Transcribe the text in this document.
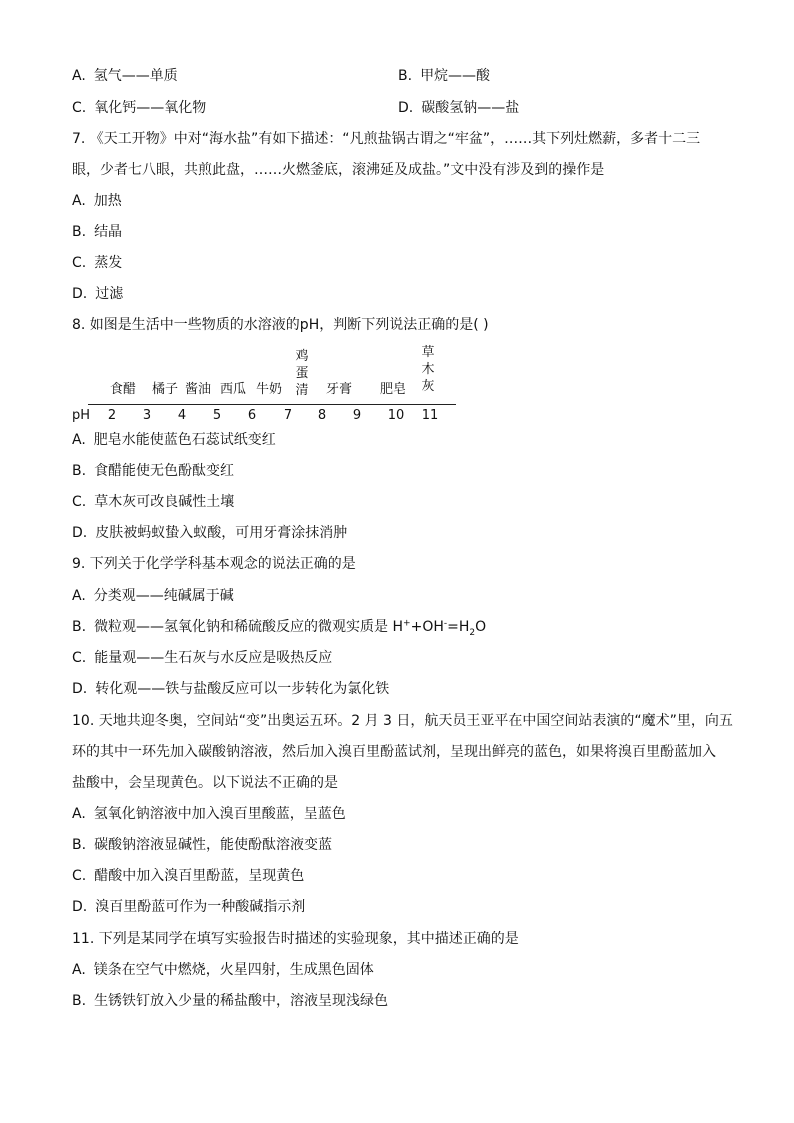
A. 氢气——单质	B. 甲烷——酸
C. 氧化钙——氧化物	D. 碳酸氢钠——盐
7. 《天工开物》中对“海水盐”有如下描述：“凡煎盐锅古谓之“牢盆”，……其下列灶燃薪，多者十二三
眼，少者七八眼，共煎此盘，……火燃釜底，滚沸延及成盐。”文中没有涉及到的操作是
A. 加热
B. 结晶
C. 蒸发
D. 过滤
8. 如图是生活中一些物质的水溶液的pH，判断下列说法正确的是( )
鸡
蛋
清
草
木
灰
食醋 橘子 酱油 西瓜 牛奶	牙膏 肥皂
pH	2	3	4	5	6	7	8	9	10 11
A. 肥皂水能使蓝色石蕊试纸变红
B. 食醋能使无色酚酞变红
C. 草木灰可改良碱性土壤
D. 皮肤被蚂蚁蛰入蚁酸，可用牙膏涂抹消肿
9. 下列关于化学学科基本观念的说法正确的是
A. 分类观——纯碱属于碱
B. 微粒观——氢氧化钠和稀硫酸反应的微观实质是 $H^++OH^-=H_2O$
C. 能量观——生石灰与水反应是吸热反应
D. 转化观——铁与盐酸反应可以一步转化为氯化铁
10. 天地共迎冬奥，空间站“变”出奥运五环。2 月 3 日，航天员王亚平在中国空间站表演的“魔术”里，向五
环的其中一环先加入碳酸钠溶液，然后加入溴百里酚蓝试剂，呈现出鲜亮的蓝色，如果将溴百里酚蓝加入
盐酸中，会呈现黄色。以下说法不正确的是
A. 氢氧化钠溶液中加入溴百里酸蓝，呈蓝色
B. 碳酸钠溶液显碱性，能使酚酞溶液变蓝
C. 醋酸中加入溴百里酚蓝，呈现黄色
D. 溴百里酚蓝可作为一种酸碱指示剂
11. 下列是某同学在填写实验报告时描述的实验现象，其中描述正确的是
A. 镁条在空气中燃烧，火星四射，生成黑色固体
B. 生锈铁钉放入少量的稀盐酸中，溶液呈现浅绿色
